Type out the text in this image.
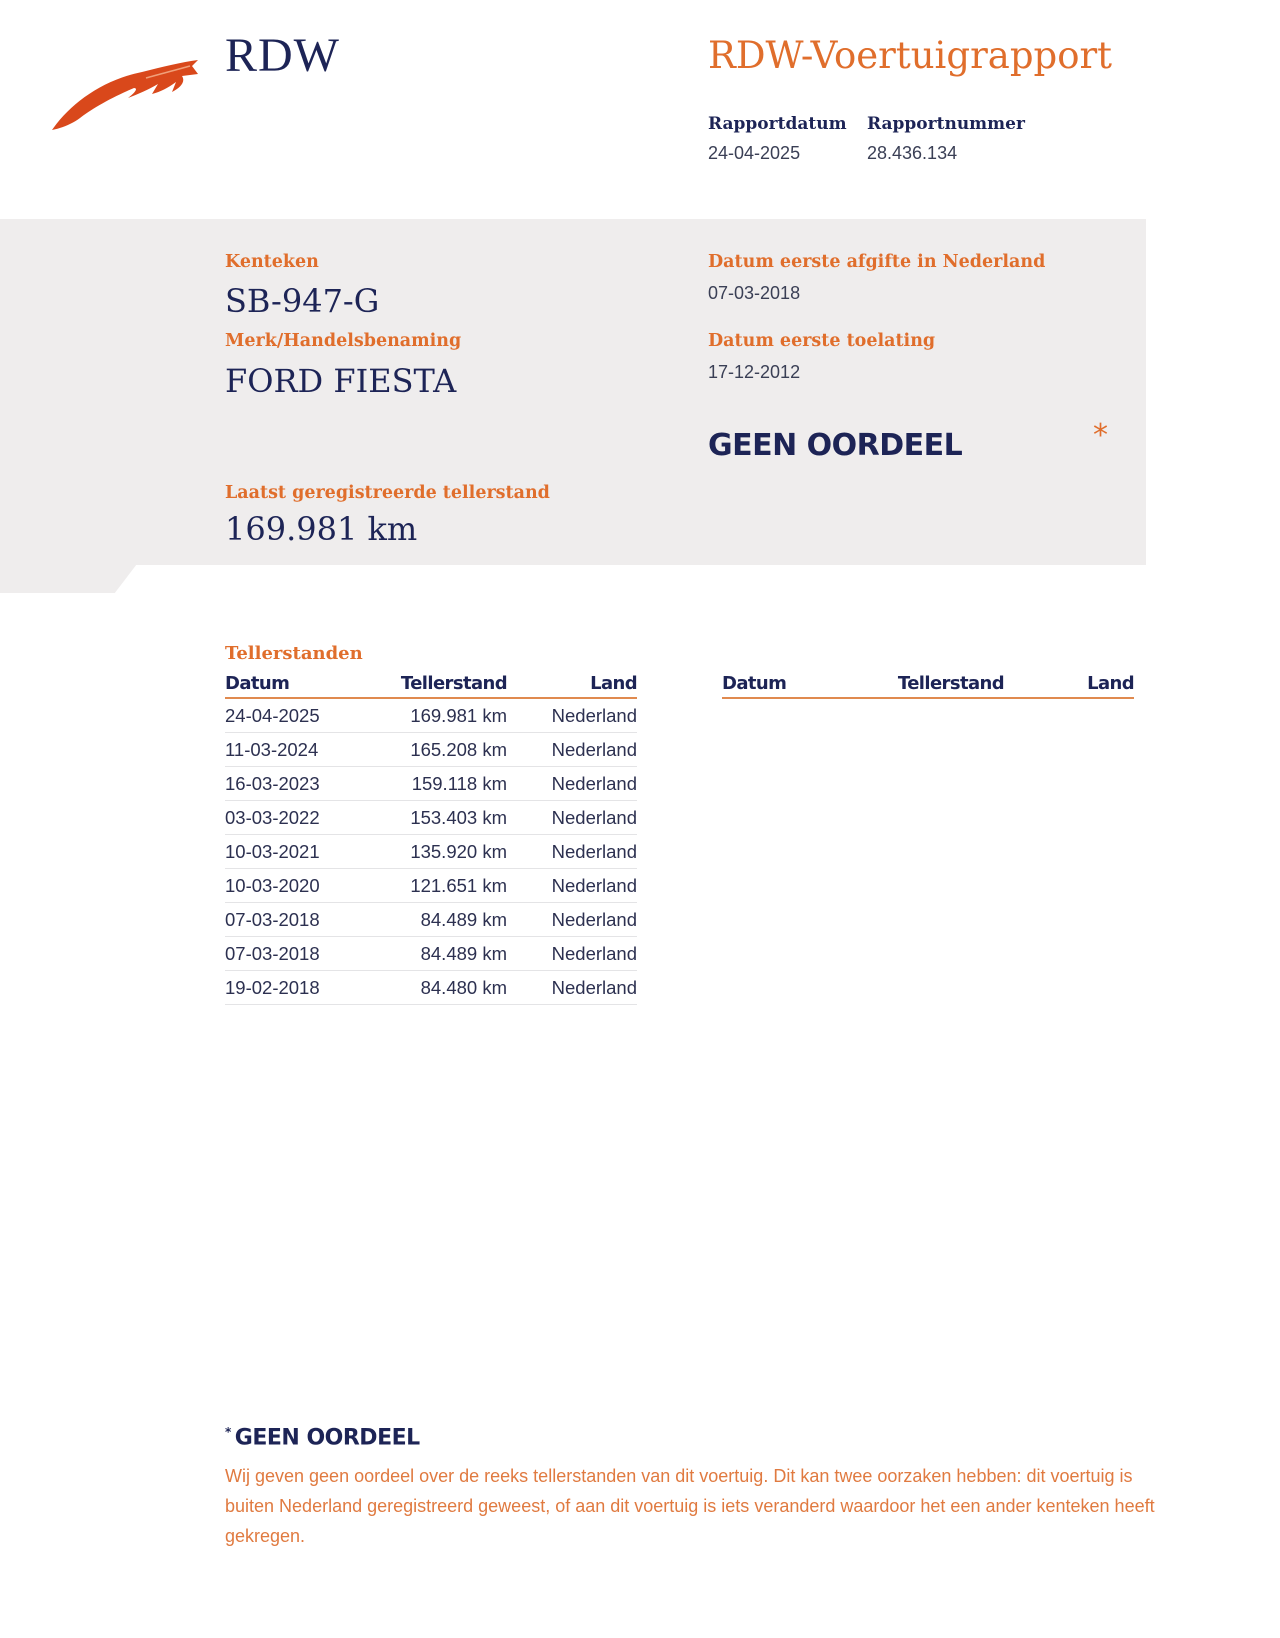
RDW	RDW-Voertuigrapport
Rapportdatum
24-04-2025
Rapportnummer
28.436.134
Kenteken
SB-947-G
Merk/Handelsbenaming
FORD FIESTA
Laatst geregistreerde tellerstand
169.981 km
Datum eerste afgifte in Nederland
07-03-2018
Datum eerste toelating
17-12-2012
GEEN OORDEEL	*
Tellerstanden
Datum	Tellerstand	Land
24-04-2025	169.981 km	Nederland
11-03-2024	165.208 km	Nederland
16-03-2023	159.118 km	Nederland
03-03-2022	153.403 km	Nederland
10-03-2021	135.920 km	Nederland
10-03-2020	121.651 km	Nederland
07-03-2018	84.489 km	Nederland
07-03-2018	84.489 km	Nederland
19-02-2018	84.480 km	Nederland
Datum	Tellerstand	Land
* GEEN OORDEEL
Wij geven geen oordeel over de reeks tellerstanden van dit voertuig. Dit kan twee oorzaken hebben: dit voertuig is buiten Nederland geregistreerd geweest, of aan dit voertuig is iets veranderd waardoor het een ander kenteken heeft gekregen.
